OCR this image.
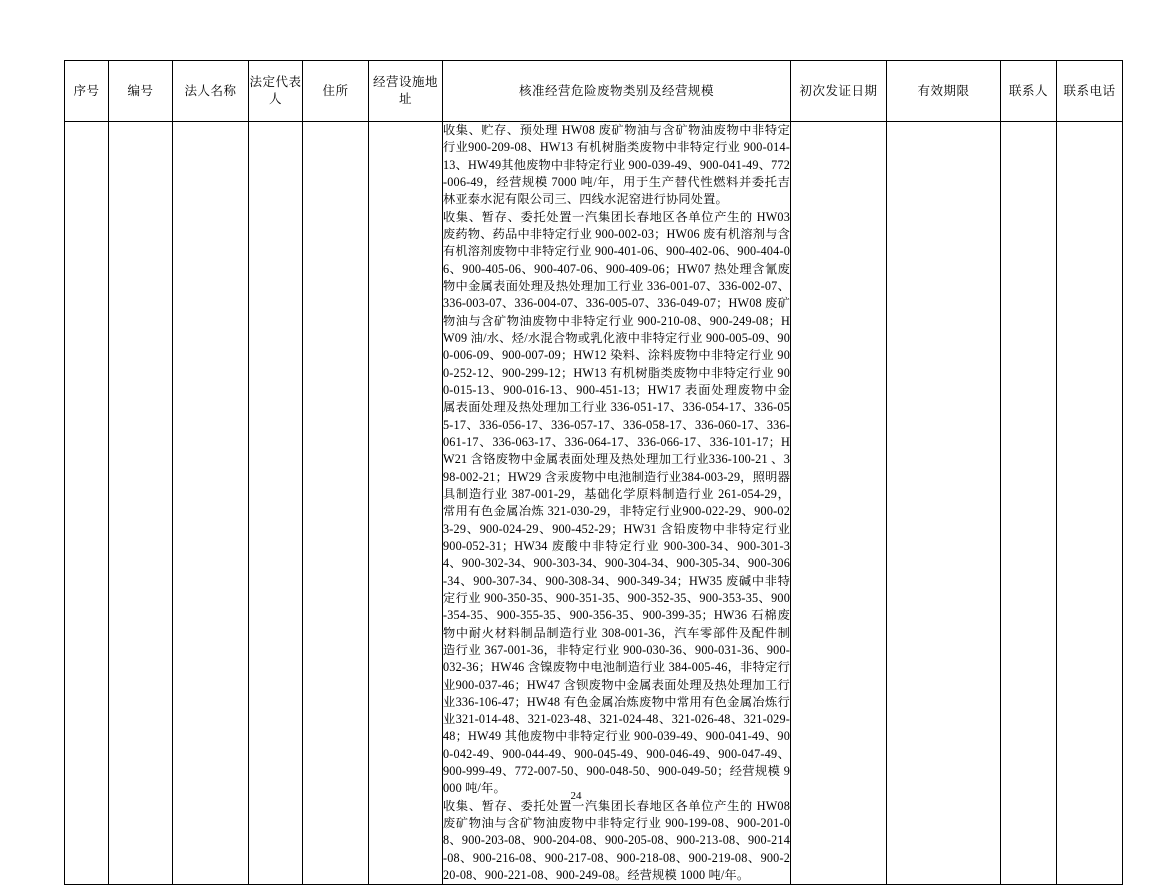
序号	编号	法人名称	法定代表人	住所	经营设施地址	核准经营危险废物类别及经营规模	初次发证日期	有效期限	联系人	联系电话

						收集、贮存、预处理 HW08 废矿物油与含矿物油废物中非特定行业900-209-08、HW13 有机树脂类废物中非特定行业 900-014-13、HW49其他废物中非特定行业 900-039-49、900-041-49、772-006-49，经营规模 7000 吨/年，用于生产替代性燃料并委托吉林亚泰水泥有限公司三、四线水泥窑进行协同处置。

收集、暂存、委托处置一汽集团长春地区各单位产生的 HW03 废药物、药品中非特定行业 900-002-03；HW06 废有机溶剂与含有机溶剂废物中非特定行业 900-401-06、900-402-06、900-404-06、900-405-06、900-407-06、900-409-06；HW07 热处理含氰废物中金属表面处理及热处理加工行业 336-001-07、336-002-07、336-003-07、336-004-07、336-005-07、336-049-07；HW08 废矿物油与含矿物油废物中非特定行业 900-210-08、900-249-08；HW09 油/水、烃/水混合物或乳化液中非特定行业 900-005-09、900-006-09、900-007-09；HW12 染料、涂料废物中非特定行业 900-252-12、900-299-12；HW13 有机树脂类废物中非特定行业 900-015-13、900-016-13、900-451-13；HW17 表面处理废物中金属表面处理及热处理加工行业 336-051-17、336-054-17、336-055-17、336-056-17、336-057-17、336-058-17、336-060-17、336-061-17、336-063-17、336-064-17、336-066-17、336-101-17；HW21 含铬废物中金属表面处理及热处理加工行业336-100-21 、398-002-21；HW29 含汞废物中电池制造行业384-003-29，照明器具制造行业 387-001-29，基础化学原料制造行业 261-054-29，常用有色金属冶炼 321-030-29，非特定行业900-022-29、900-023-29、900-024-29、900-452-29；HW31 含铅废物中非特定行业 900-052-31；HW34 废酸中非特定行业 900-300-34、900-301-34、900-302-34、900-303-34、900-304-34、900-305-34、900-306-34、900-307-34、900-308-34、900-349-34；HW35 废碱中非特定行业 900-350-35、900-351-35、900-352-35、900-353-35、900-354-35、900-355-35、900-356-35、900-399-35；HW36 石棉废物中耐火材料制品制造行业 308-001-36，汽车零部件及配件制造行业 367-001-36，非特定行业 900-030-36、900-031-36、900-032-36；HW46 含镍废物中电池制造行业 384-005-46，非特定行业900-037-46；HW47 含钡废物中金属表面处理及热处理加工行业336-106-47；HW48 有色金属冶炼废物中常用有色金属冶炼行业321-014-48、321-023-48、321-024-48、321-026-48、321-029-48；HW49 其他废物中非特定行业 900-039-49、900-041-49、900-042-49、900-044-49、900-045-49、900-046-49、900-047-49、900-999-49、772-007-50、900-048-50、900-049-50；经营规模 9000 吨/年。

收集、暂存、委托处置一汽集团长春地区各单位产生的 HW08 废矿物油与含矿物油废物中非特定行业 900-199-08、900-201-08、900-203-08、900-204-08、900-205-08、900-213-08、900-214-08、900-216-08、900-217-08、900-218-08、900-219-08、900-220-08、900-221-08、900-249-08。经营规模 1000 吨/年。				

24
